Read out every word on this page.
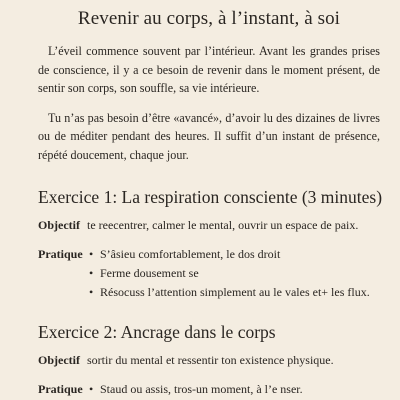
Revenir au corps, à l’instant, à soi

L’éveil commence souvent par l’intérieur. Avant les grandes prises de conscience, il y a ce besoin de revenir dans le moment présent, de sentir son corps, son souffle, sa vie intérieure.

Tu n’as pas besoin d’être «avancé», d’avoir lu des dizaines de livres ou de méditer pendant des heures. Il suffit d’un instant de présence, répété doucement, chaque jour.

Exercice 1: La respiration consciente (3 minutes)
Objectif te reecentrer, calmer le mental, ouvrir un espace de paix.
Pratique • S’âsieu comfortablement, le dos droit
• Ferme dousement se
• Résocuss l’attention simplement au le vales et+ les flux.
Exercice 2: Ancrage dans le corps
Objectif sortir du mental et ressentir ton existence physique.
Pratique • Staud ou assis, tros-un moment, à l’e nser.
